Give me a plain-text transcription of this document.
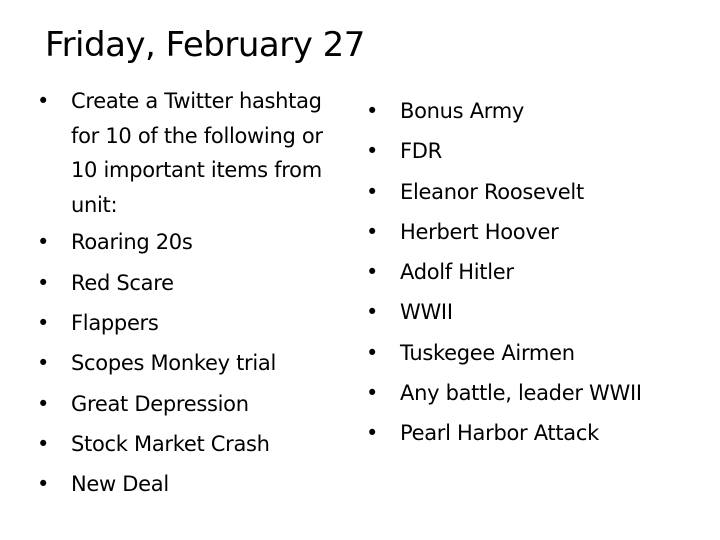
Friday, February 27
• Create a Twitter hashtag for 10 of the following or 10 important items from unit:
• Roaring 20s
• Red Scare
• Flappers
• Scopes Monkey trial
• Great Depression
• Stock Market Crash
• New Deal
• Bonus Army
• FDR
• Eleanor Roosevelt
• Herbert Hoover
• Adolf Hitler
• WWII
• Tuskegee Airmen
• Any battle, leader WWII
• Pearl Harbor Attack
